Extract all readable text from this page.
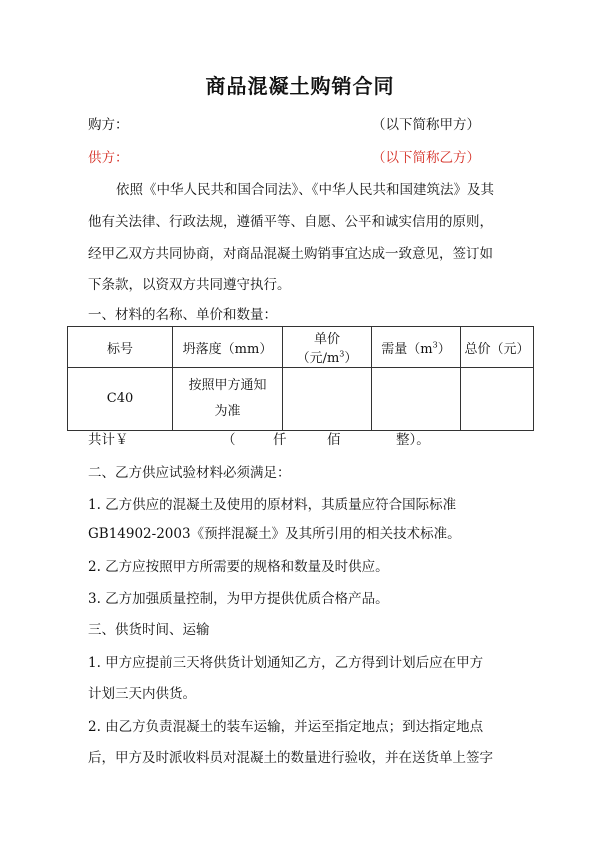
商品混凝土购销合同
购方：	（以下简称甲方）
供方：	（以下简称乙方）
依照《中华人民共和国合同法》、《中华人民共和国建筑法》及其
他有关法律、行政法规，遵循平等、自愿、公平和诚实信用的原则，
经甲乙双方共同协商，对商品混凝土购销事宜达成一致意见，签订如
下条款，以资双方共同遵守执行。
一、材料的名称、单价和数量：
标号	坍落度（mm）	单价（元$/m^3$）	需量$(m^3)$	总价（元）
C40	按照甲方通知
为准			
共计￥	（	仟	佰	整）。
二、乙方供应试验材料必须满足：
1. 乙方供应的混凝土及使用的原材料，其质量应符合国际标准
GB14902-2003《预拌混凝土》及其所引用的相关技术标准。
2. 乙方应按照甲方所需要的规格和数量及时供应。
3. 乙方加强质量控制，为甲方提供优质合格产品。
三、供货时间、运输
1. 甲方应提前三天将供货计划通知乙方，乙方得到计划后应在甲方
计划三天内供货。
2. 由乙方负责混凝土的装车运输，并运至指定地点；到达指定地点
后，甲方及时派收料员对混凝土的数量进行验收，并在送货单上签字
